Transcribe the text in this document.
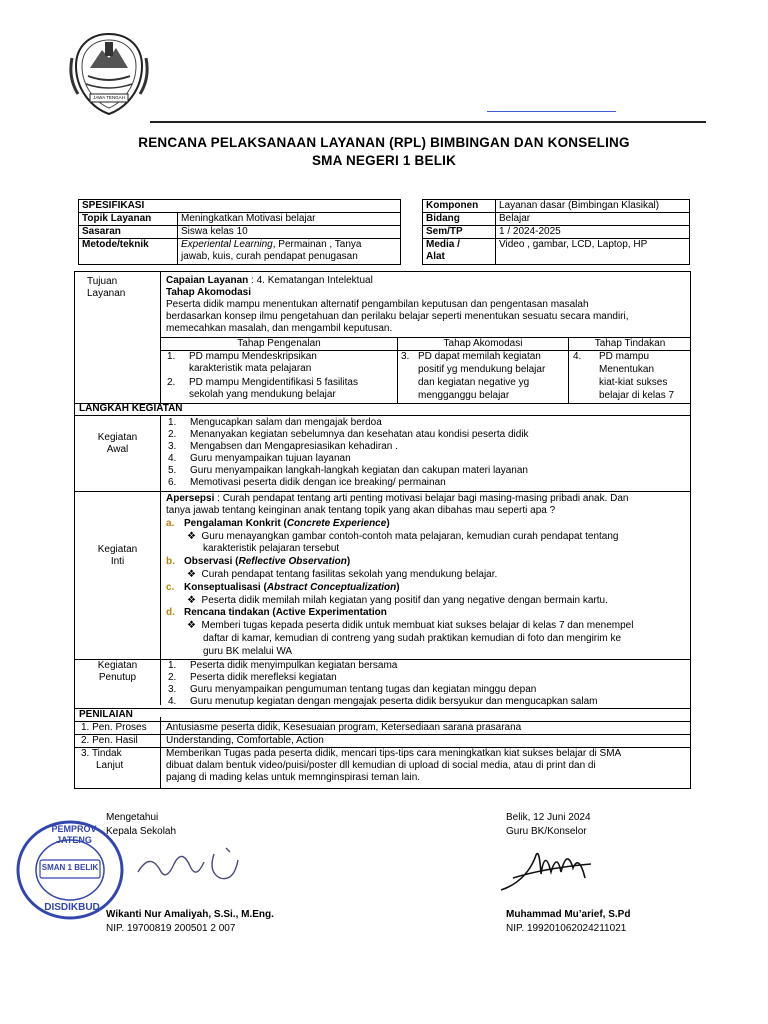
JAWA TENGAH
RENCANA PELAKSANAAN LAYANAN (RPL) BIMBINGAN DAN KONSELING
SMA NEGERI 1 BELIK
SPESIFIKASI	
Topik Layanan	Meningkatkan Motivasi belajar
Sasaran	Siswa kelas 10
Metode/teknik	Experiental Learning, Permainan , Tanya
jawab, kuis, curah pendapat penugasan
Komponen	Layanan dasar (Bimbingan Klasikal)
Bidang	Belajar
Sem/TP	1 / 2024-2025
Media /
Alat	Video , gambar, LCD, Laptop, HP
Tujuan
Layanan
Capaian Layanan : 4. Kematangan Intelektual
Tahap Akomodasi
Peserta didik mampu menentukan alternatif pengambilan keputusan dan pengentasan masalah
berdasarkan konsep ilmu pengetahuan dan perilaku belajar seperti menentukan sesuatu secara mandiri,
memecahkan masalah, dan mengambil keputusan.
Tahap Pengenalan	Tahap Akomodasi	Tahap Tindakan
1. PD mampu Mendeskripsikan
karakteristik mata pelajaran
2. PD mampu Mengidentifikasi 5 fasilitas
sekolah yang mendukung belajar
3. PD dapat memilah kegiatan
positif yg mendukung belajar
dan kegiatan negative yg
mengganggu belajar
4. PD mampu
Menentukan
kiat-kiat sukses
belajar di kelas 7
LANGKAH KEGIATAN
Kegiatan
Awal
1. Mengucapkan salam dan mengajak berdoa
2. Menanyakan kegiatan sebelumnya dan kesehatan atau kondisi peserta didik
3. Mengabsen dan Mengapresiasikan kehadiran .
4. Guru menyampaikan tujuan layanan
5. Guru menyampaikan langkah-langkah kegiatan dan cakupan materi layanan
6. Memotivasi peserta didik dengan ice breaking/ permainan
Kegiatan
Inti
Apersepsi : Curah pendapat tentang arti penting motivasi belajar bagi masing-masing pribadi anak. Dan
tanya jawab tentang keinginan anak tentang topik yang akan dibahas mau seperti apa ?
a. Pengalaman Konkrit (Concrete Experience)
❖ Guru menayangkan gambar contoh-contoh mata pelajaran, kemudian curah pendapat tentang
karakteristik pelajaran tersebut
b. Observasi (Reflective Observation)
❖ Curah pendapat tentang fasilitas sekolah yang mendukung belajar.
c. Konseptualisasi (Abstract Conceptualization)
❖ Peserta didik memilah milah kegiatan yang positif dan yang negative dengan bermain kartu.
d. Rencana tindakan (Active Experimentation
❖ Memberi tugas kepada peserta didik untuk membuat kiat sukses belajar di kelas 7 dan menempel
daftar di kamar, kemudian di contreng yang sudah praktikan kemudian di foto dan mengirim ke
guru BK melalui WA
Kegiatan
Penutup
1. Peserta didik menyimpulkan kegiatan bersama
2. Peserta didik merefleksi kegiatan
3. Guru menyampaikan pengumuman tentang tugas dan kegiatan minggu depan
4. Guru menutup kegiatan dengan mengajak peserta didik bersyukur dan mengucapkan salam
PENILAIAN
1. Pen. Proses Antusiasme peserta didik, Kesesuaian program, Ketersediaan sarana prasarana
2. Pen. Hasil	Understanding, Comfortable, Action
3. Tindak
Lanjut
Memberikan Tugas pada peserta didik, mencari tips-tips cara meningkatkan kiat sukses belajar di SMA
dibuat dalam bentuk video/puisi/poster dll kemudian di upload di social media, atau di print dan di
pajang di mading kelas untuk memnginspirasi teman lain.
Mengetahui
Kepala Sekolah
Belik, 12 Juni 2024
Guru BK/Konselor
PEMPROV JATENG
SMAN 1 BELIK
DISDIKBUD
Wikanti Nur Amaliyah, S.Si., M.Eng.
NIP. 19700819 200501 2 007
Muhammad Mu’arief, S.Pd
NIP. 199201062024211021
